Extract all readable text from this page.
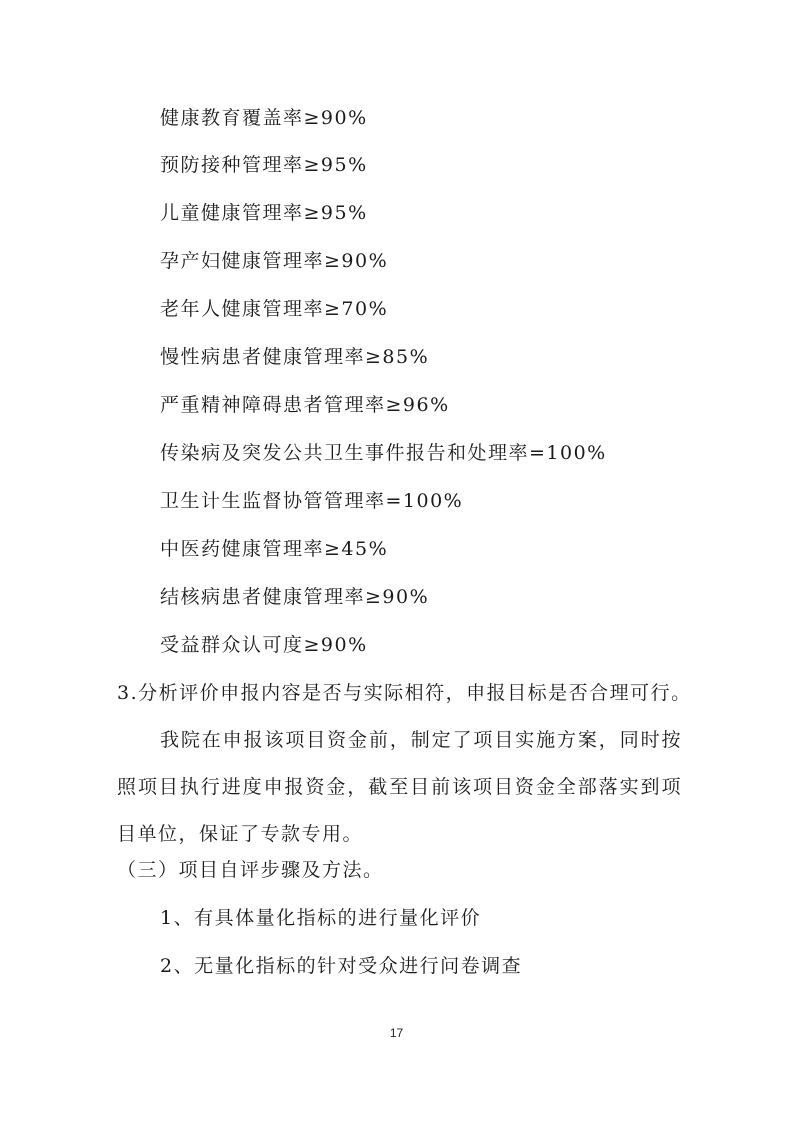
健康教育覆盖率≥90%
预防接种管理率≥95%
儿童健康管理率≥95%
孕产妇健康管理率≥90%
老年人健康管理率≥70%
慢性病患者健康管理率≥85%
严重精神障碍患者管理率≥96%
传染病及突发公共卫生事件报告和处理率=100%
卫生计生监督协管管理率=100%
中医药健康管理率≥45%
结核病患者健康管理率≥90%
受益群众认可度≥90%
3.分析评价申报内容是否与实际相符，申报目标是否合理可行。
我院在申报该项目资金前，制定了项目实施方案，同时按照项目执行进度申报资金，截至目前该项目资金全部落实到项目单位，保证了专款专用。
（三）项目自评步骤及方法。
1、有具体量化指标的进行量化评价
2、无量化指标的针对受众进行问卷调查
17
